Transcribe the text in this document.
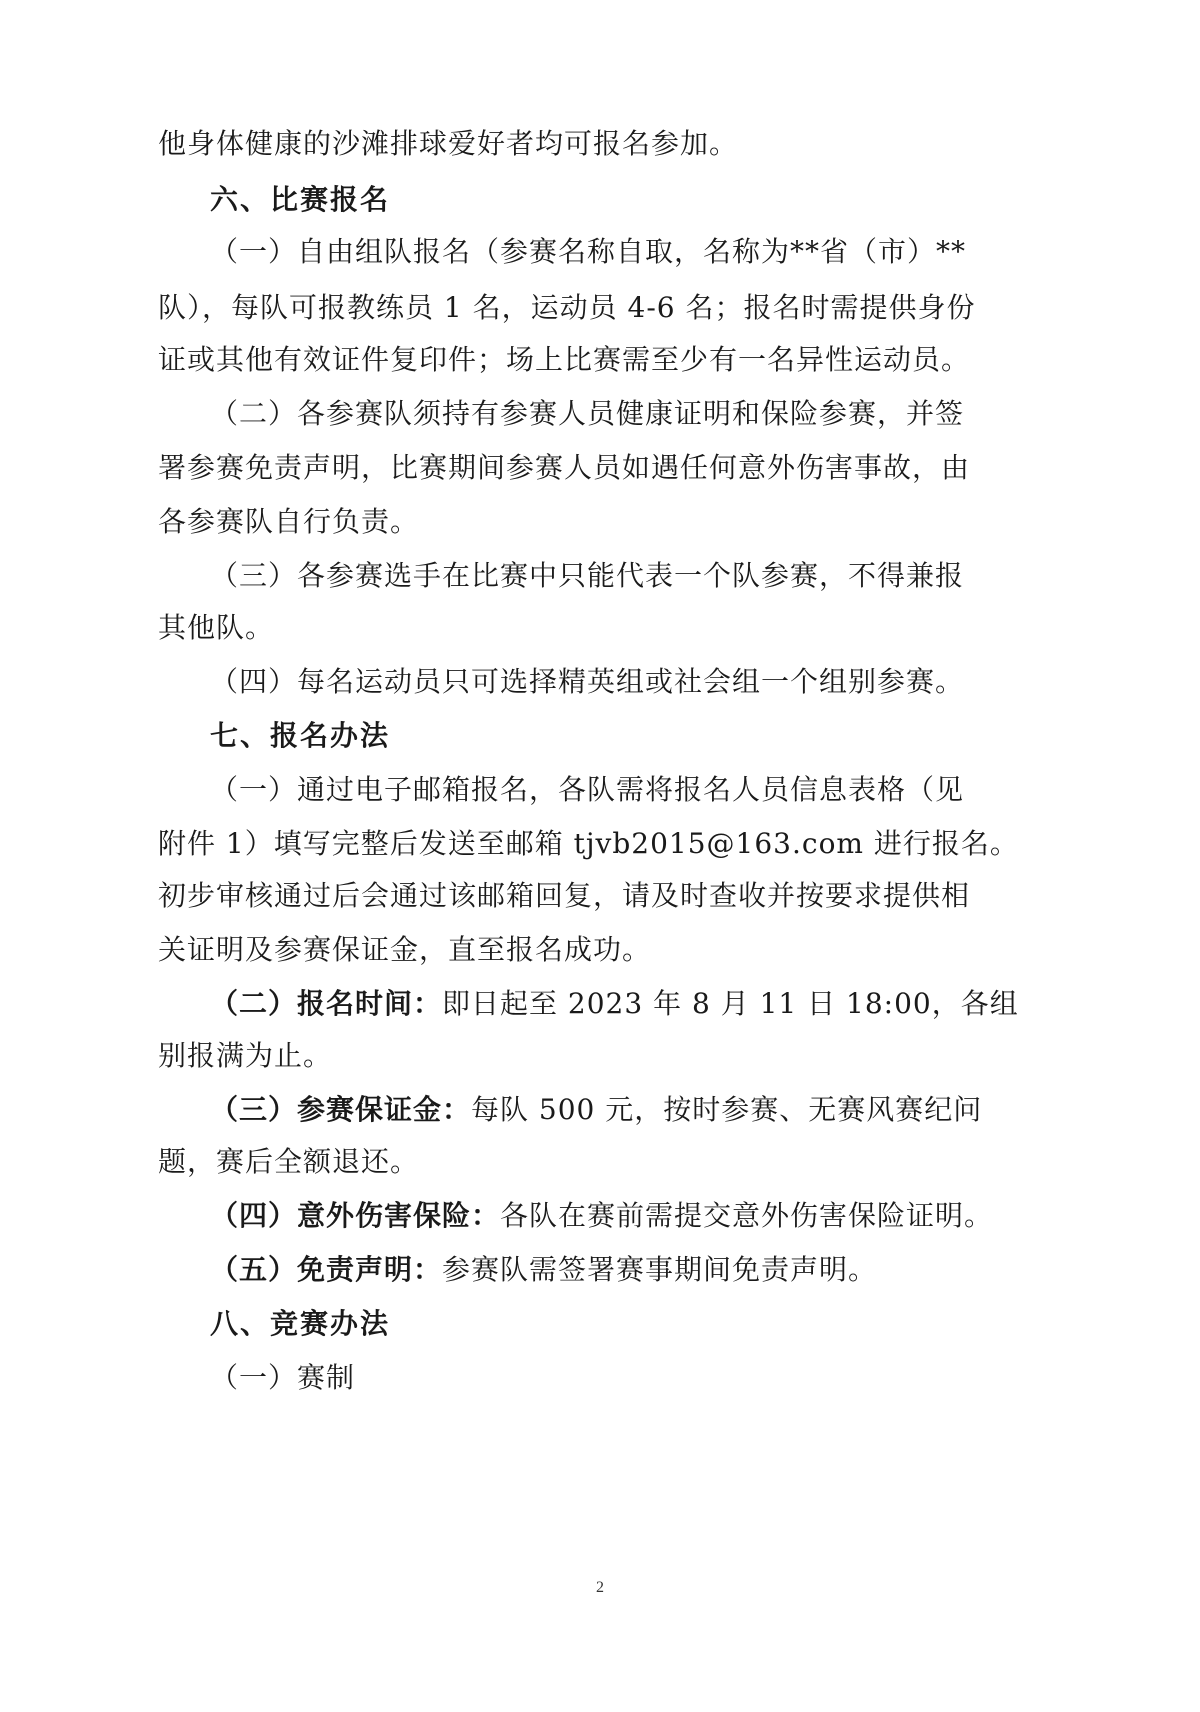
他身体健康的沙滩排球爱好者均可报名参加。
六、比赛报名
（一）自由组队报名（参赛名称自取，名称为**省（市）**
队），每队可报教练员 1 名，运动员 4-6 名；报名时需提供身份
证或其他有效证件复印件；场上比赛需至少有一名异性运动员。
（二）各参赛队须持有参赛人员健康证明和保险参赛，并签
署参赛免责声明，比赛期间参赛人员如遇任何意外伤害事故，由
各参赛队自行负责。
（三）各参赛选手在比赛中只能代表一个队参赛，不得兼报
其他队。
（四）每名运动员只可选择精英组或社会组一个组别参赛。
七、报名办法
（一）通过电子邮箱报名，各队需将报名人员信息表格（见
附件 1）填写完整后发送至邮箱 tjvb2015@163.com 进行报名。
初步审核通过后会通过该邮箱回复，请及时查收并按要求提供相
关证明及参赛保证金，直至报名成功。
（二）报名时间：即日起至 2023 年 8 月 11 日 18:00，各组
别报满为止。
（三）参赛保证金：每队 500 元，按时参赛、无赛风赛纪问
题，赛后全额退还。
（四）意外伤害保险：各队在赛前需提交意外伤害保险证明。
（五）免责声明：参赛队需签署赛事期间免责声明。
八、竞赛办法
（一）赛制
2
